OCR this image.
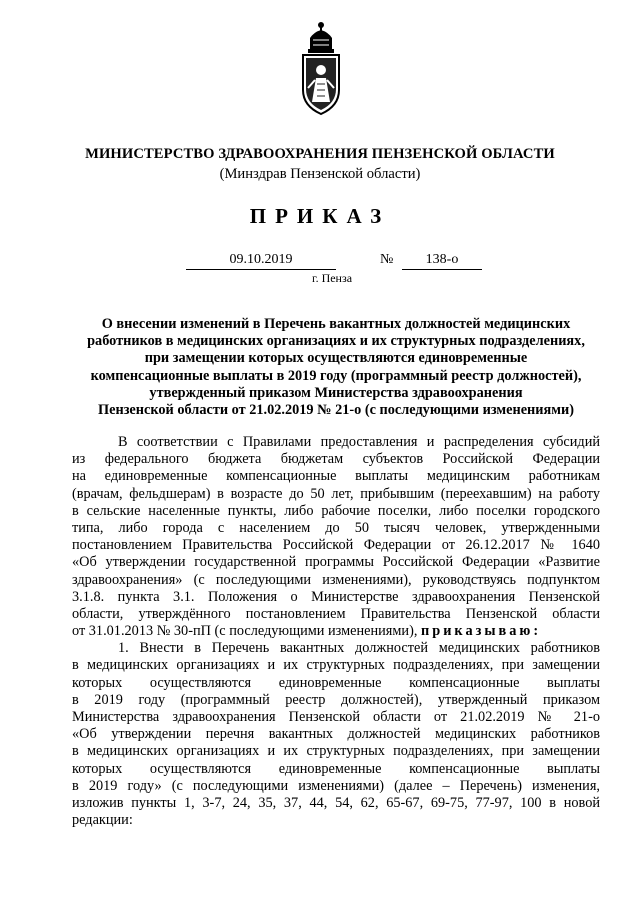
МИНИСТЕРСТВО ЗДРАВООХРАНЕНИЯ ПЕНЗЕНСКОЙ ОБЛАСТИ
(Минздрав Пензенской области)
ПРИКАЗ
09.10.2019	№	138-о
г. Пенза
О внесении изменений в Перечень вакантных должностей медицинских
работников в медицинских организациях и их структурных подразделениях,
при замещении которых осуществляются единовременные
компенсационные выплаты в 2019 году (программный реестр должностей),
утвержденный приказом Министерства здравоохранения
Пензенской области от 21.02.2019 № 21-о (с последующими изменениями)
В соответствии с Правилами предоставления и распределения субсидий
из федерального бюджета бюджетам субъектов Российской Федерации
на единовременные компенсационные выплаты медицинским работникам
(врачам, фельдшерам) в возрасте до 50 лет, прибывшим (переехавшим) на работу
в сельские населенные пункты, либо рабочие поселки, либо поселки городского
типа, либо города с населением до 50 тысяч человек, утвержденными
постановлением Правительства Российской Федерации от 26.12.2017 № 1640
«Об утверждении государственной программы Российской Федерации «Развитие
здравоохранения» (с последующими изменениями), руководствуясь подпунктом
3.1.8. пункта 3.1. Положения о Министерстве здравоохранения Пензенской
области, утверждённого постановлением Правительства Пензенской области
от 31.01.2013 № 30-пП (с последующими изменениями), приказываю:
1. Внести в Перечень вакантных должностей медицинских работников
в медицинских организациях и их структурных подразделениях, при замещении
которых осуществляются единовременные компенсационные выплаты
в 2019 году (программный реестр должностей), утвержденный приказом
Министерства здравоохранения Пензенской области от 21.02.2019 № 21-о
«Об утверждении перечня вакантных должностей медицинских работников
в медицинских организациях и их структурных подразделениях, при замещении
которых осуществляются единовременные компенсационные выплаты
в 2019 году» (с последующими изменениями) (далее – Перечень) изменения,
изложив пункты 1, 3-7, 24, 35, 37, 44, 54, 62, 65-67, 69-75, 77-97, 100 в новой
редакции:
